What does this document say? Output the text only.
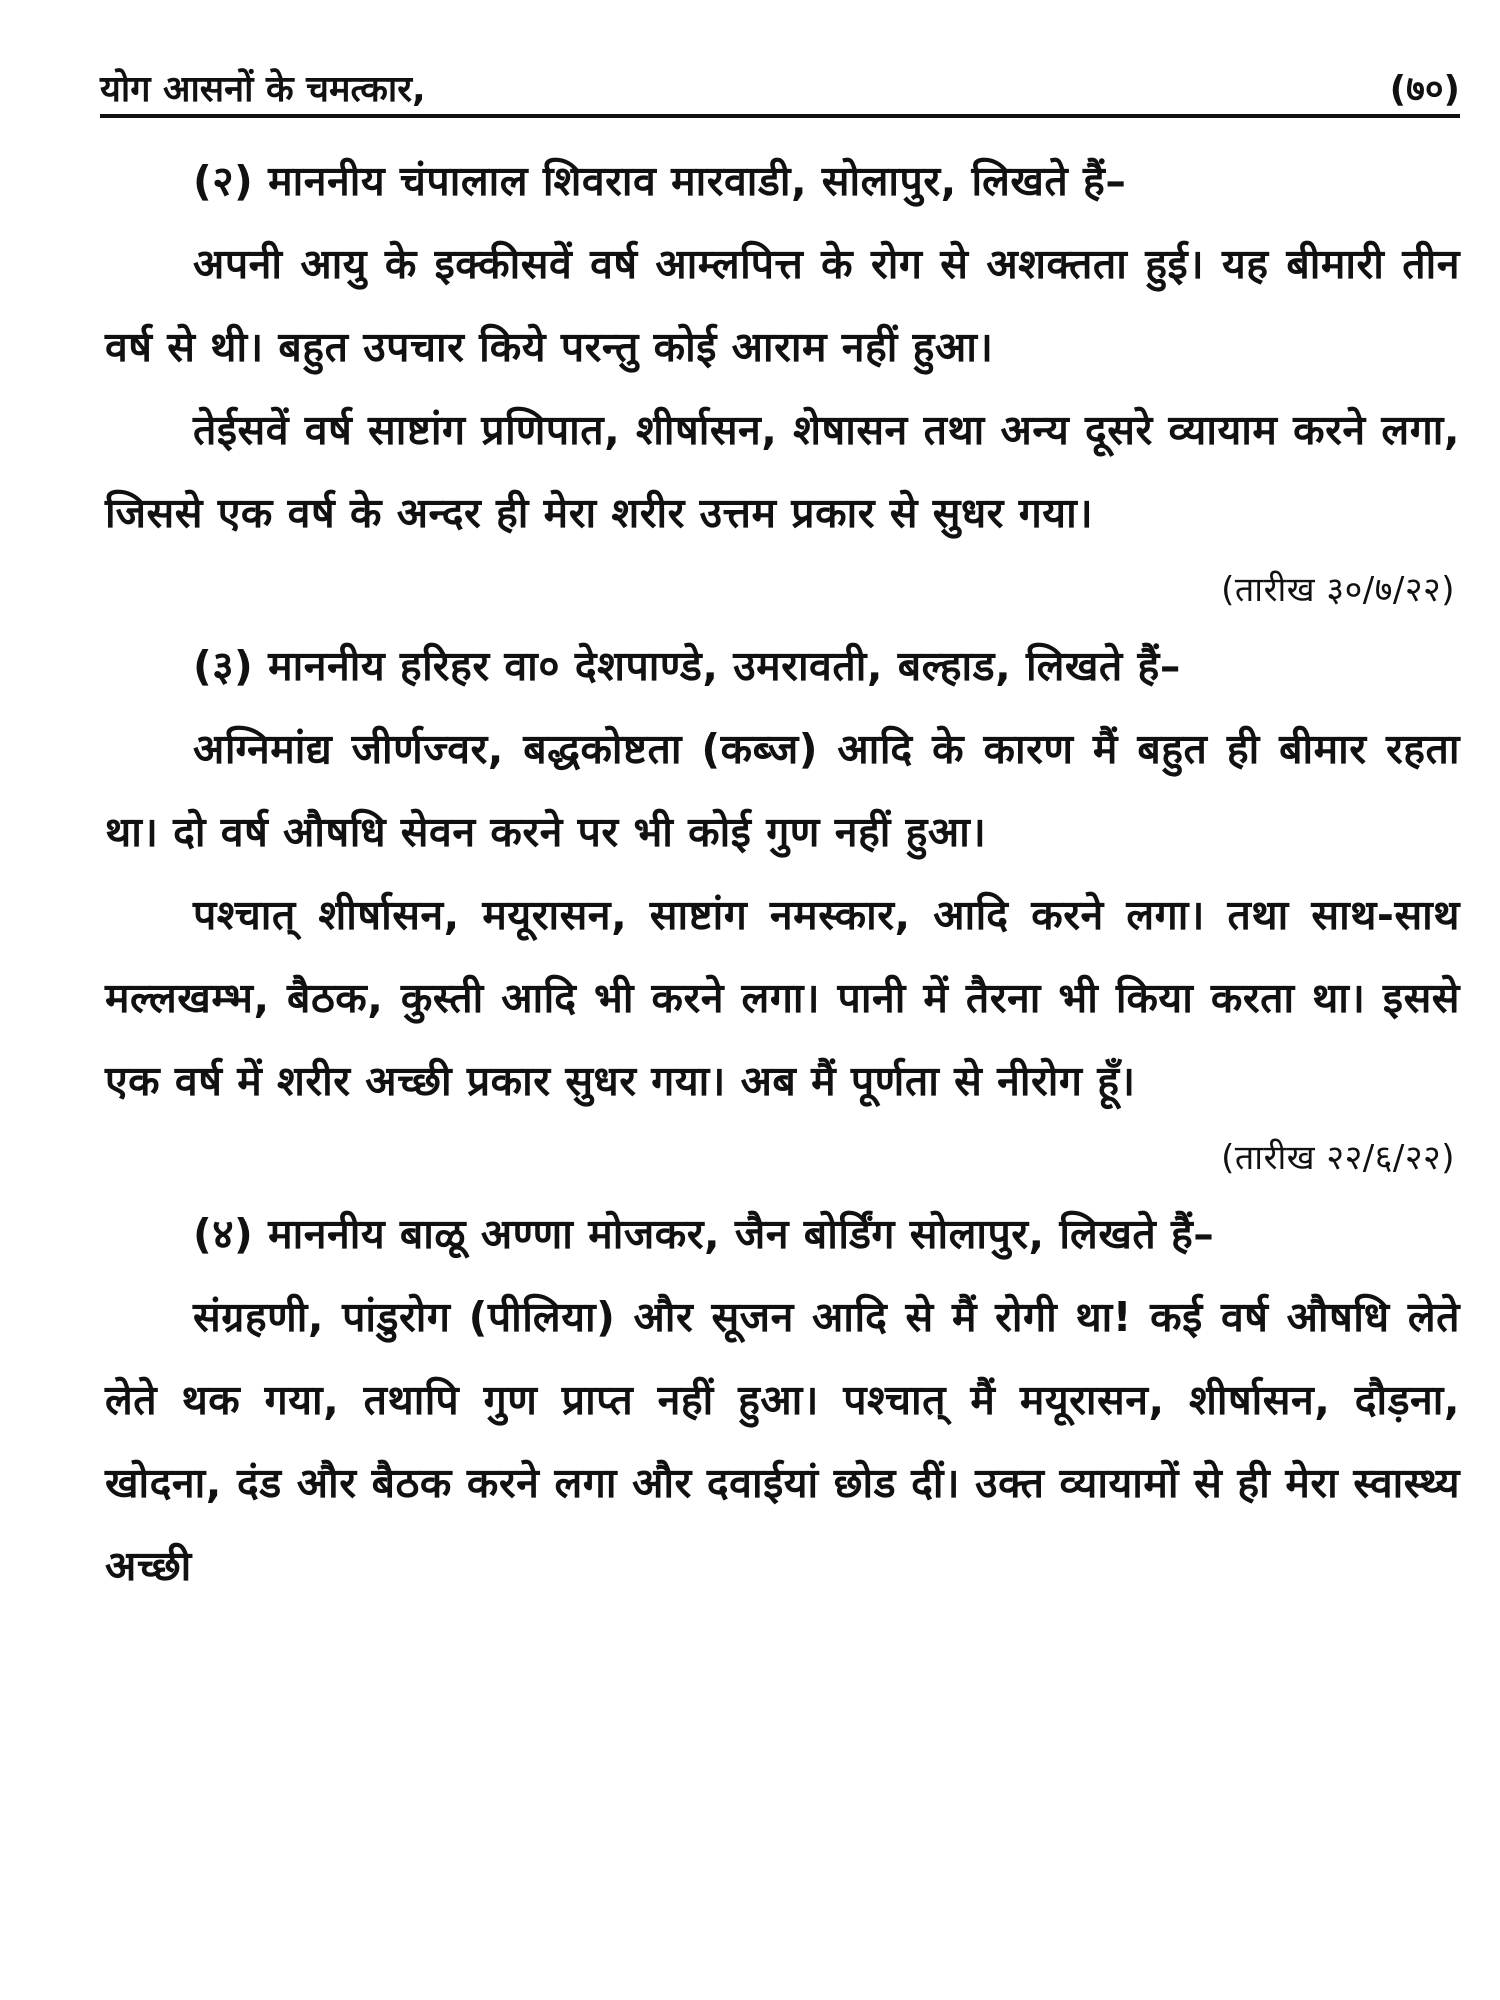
योग आसनों के चमत्कार,	(७०)

(२) माननीय चंपालाल शिवराव मारवाडी, सोलापुर, लिखते हैं–

अपनी आयु के इक्कीसवें वर्ष आम्लपित्त के रोग से अशक्तता हुई। यह बीमारी तीन वर्ष से थी। बहुत उपचार किये परन्तु कोई आराम नहीं हुआ।

तेईसवें वर्ष साष्टांग प्रणिपात, शीर्षासन, शेषासन तथा अन्य दूसरे व्यायाम करने लगा, जिससे एक वर्ष के अन्दर ही मेरा शरीर उत्तम प्रकार से सुधर गया।

(तारीख ३०/७/२२)

(३) माननीय हरिहर वा० देशपाण्डे, उमरावती, बल्हाड, लिखते हैं–

अग्निमांद्य जीर्णज्वर, बद्धकोष्टता (कब्ज) आदि के कारण मैं बहुत ही बीमार रहता था। दो वर्ष औषधि सेवन करने पर भी कोई गुण नहीं हुआ।

पश्चात् शीर्षासन, मयूरासन, साष्टांग नमस्कार, आदि करने लगा। तथा साथ-साथ मल्लखम्भ, बैठक, कुस्ती आदि भी करने लगा। पानी में तैरना भी किया करता था। इससे एक वर्ष में शरीर अच्छी प्रकार सुधर गया। अब मैं पूर्णता से नीरोग हूँ।

(तारीख २२/६/२२)

(४) माननीय बाळू अण्णा मोजकर, जैन बोर्डिंग सोलापुर, लिखते हैं–

संग्रहणी, पांडुरोग (पीलिया) और सूजन आदि से मैं रोगी था! कई वर्ष औषधि लेते लेते थक गया, तथापि गुण प्राप्त नहीं हुआ। पश्चात् मैं मयूरासन, शीर्षासन, दौड़ना, खोदना, दंड और बैठक करने लगा और दवाईयां छोड दीं। उक्त व्यायामों से ही मेरा स्वास्थ्य अच्छी
